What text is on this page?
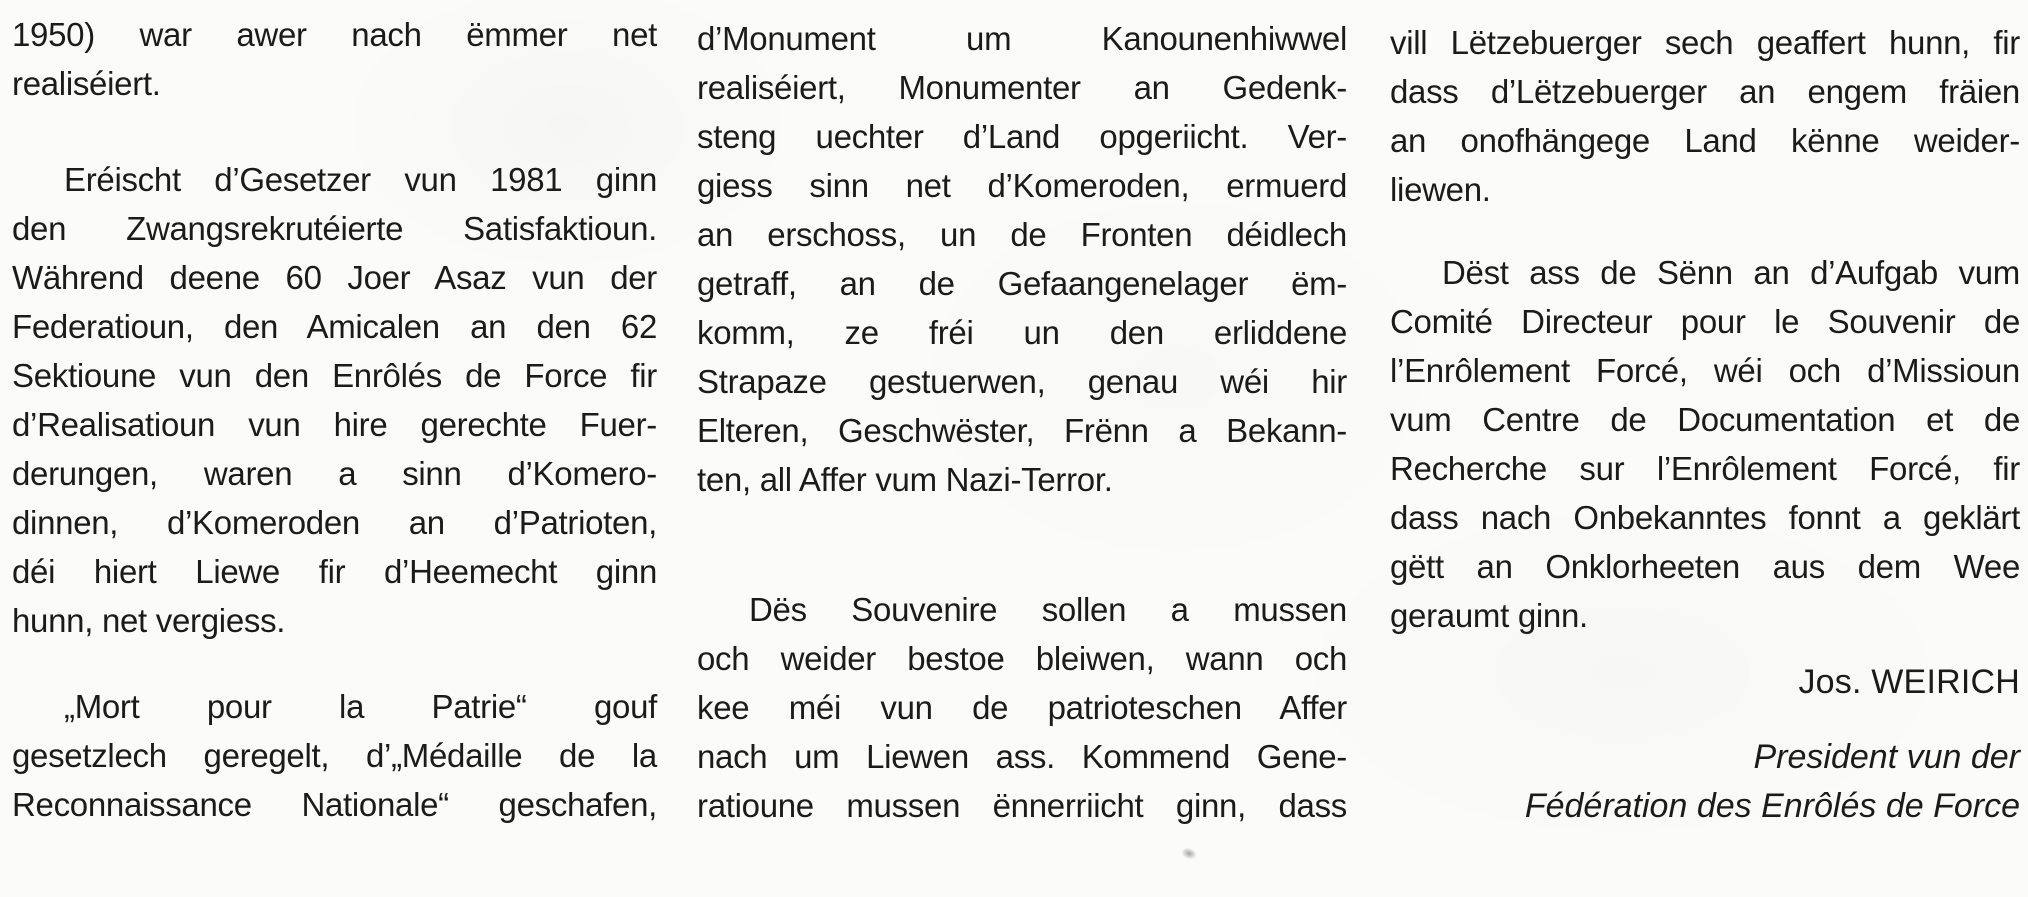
1950) war awer nach ëmmer net
realiséiert.
Eréischt d’Gesetzer vun 1981 ginn
den Zwangsrekrutéierte Satisfaktioun.
Während deene 60 Joer Asaz vun der
Federatioun, den Amicalen an den 62
Sektioune vun den Enrôlés de Force fir
d’Realisatioun vun hire gerechte Fuer-
derungen, waren a sinn d’Komero-
dinnen, d’Komeroden an d’Patrioten,
déi hiert Liewe fir d’Heemecht ginn
hunn, net vergiess.
„Mort pour la Patrie“ gouf
gesetzlech geregelt, d’„Médaille de la
Reconnaissance Nationale“ geschafen,
d’Monument um Kanounenhiwwel
realiséiert, Monumenter an Gedenk-
steng uechter d’Land opgeriicht. Ver-
giess sinn net d’Komeroden, ermuerd
an erschoss, un de Fronten déidlech
getraff, an de Gefaangenelager ëm-
komm, ze fréi un den erliddene
Strapaze gestuerwen, genau wéi hir
Elteren, Geschwëster, Frënn a Bekann-
ten, all Affer vum Nazi-Terror.
Dës Souvenire sollen a mussen
och weider bestoe bleiwen, wann och
kee méi vun de patrioteschen Affer
nach um Liewen ass. Kommend Gene-
ratioune mussen ënnerriicht ginn, dass
vill Lëtzebuerger sech geaffert hunn, fir
dass d’Lëtzebuerger an engem fräien
an onofhängege Land kënne weider-
liewen.
Dëst ass de Sënn an d’Aufgab vum
Comité Directeur pour le Souvenir de
l’Enrôlement Forcé, wéi och d’Missioun
vum Centre de Documentation et de
Recherche sur l’Enrôlement Forcé, fir
dass nach Onbekanntes fonnt a geklärt
gëtt an Onklorheeten aus dem Wee
geraumt ginn.
Jos. WEIRICH
President vun der
Fédération des Enrôlés de Force
